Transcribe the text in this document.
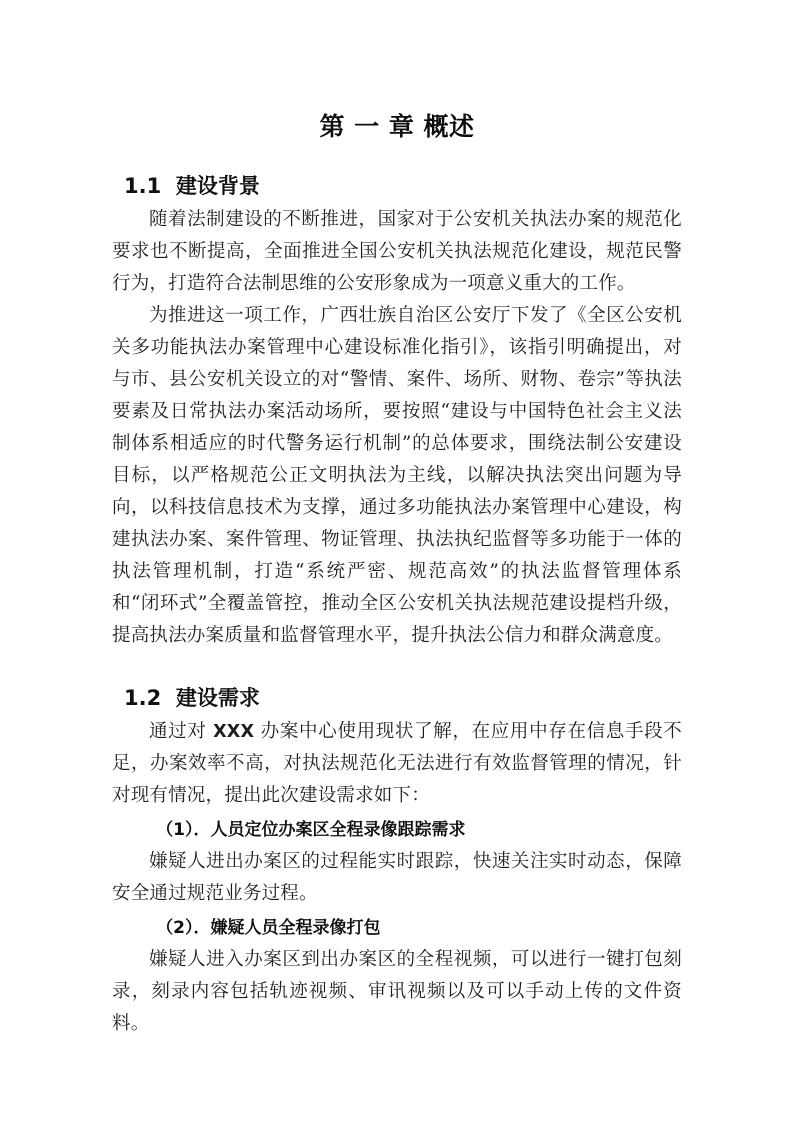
第 一 章 概述
1.1  建设背景

随着法制建设的不断推进，国家对于公安机关执法办案的规范化要求也不断提高，全面推进全国公安机关执法规范化建设，规范民警行为，打造符合法制思维的公安形象成为一项意义重大的工作。

为推进这一项工作，广西壮族自治区公安厅下发了《全区公安机关多功能执法办案管理中心建设标准化指引》，该指引明确提出，对与市、县公安机关设立的对“警情、案件、场所、财物、卷宗”等执法要素及日常执法办案活动场所，要按照“建设与中国特色社会主义法制体系相适应的时代警务运行机制”的总体要求，围绕法制公安建设目标，以严格规范公正文明执法为主线，以解决执法突出问题为导向，以科技信息技术为支撑，通过多功能执法办案管理中心建设，构建执法办案、案件管理、物证管理、执法执纪监督等多功能于一体的执法管理机制，打造“系统严密、规范高效”的执法监督管理体系和“闭环式”全覆盖管控，推动全区公安机关执法规范建设提档升级，提高执法办案质量和监督管理水平，提升执法公信力和群众满意度。

1.2  建设需求

通过对 XXX 办案中心使用现状了解，在应用中存在信息手段不足，办案效率不高，对执法规范化无法进行有效监督管理的情况，针对现有情况，提出此次建设需求如下：

（1）．人员定位办案区全程录像跟踪需求

嫌疑人进出办案区的过程能实时跟踪，快速关注实时动态，保障安全通过规范业务过程。

（2）．嫌疑人员全程录像打包

嫌疑人进入办案区到出办案区的全程视频，可以进行一键打包刻录，刻录内容包括轨迹视频、审讯视频以及可以手动上传的文件资料。
